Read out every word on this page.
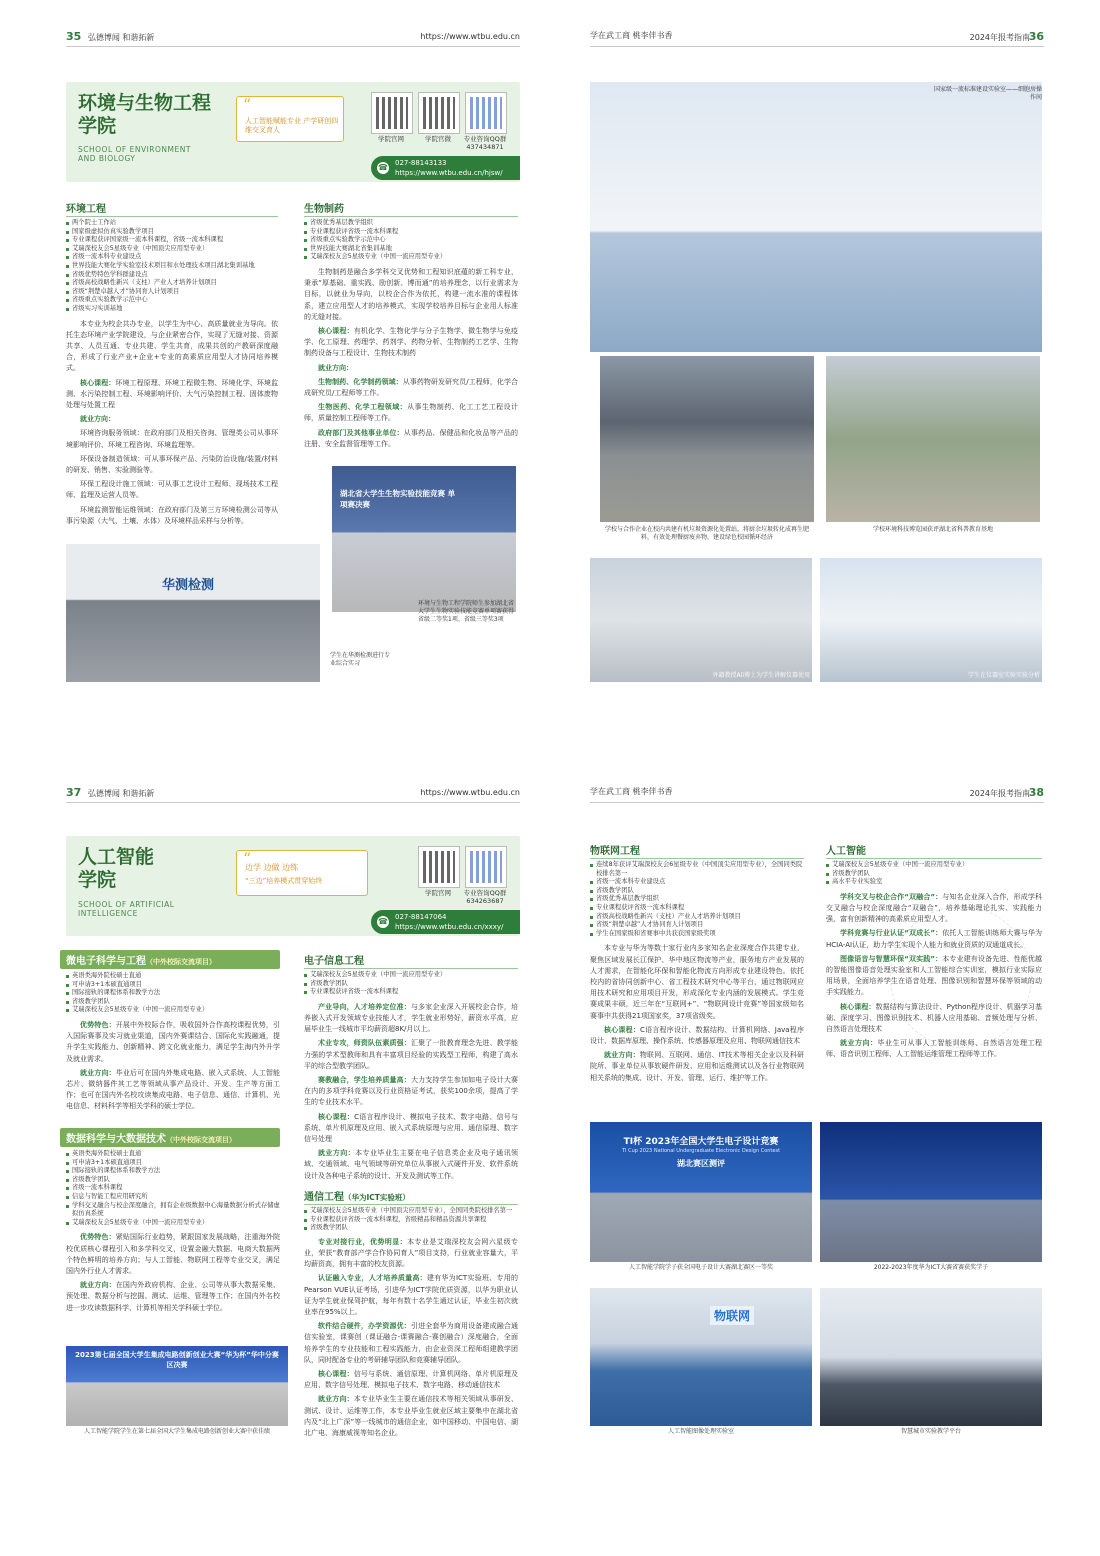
35 弘德博闻 和谐拓新	https://www.wtbu.edu.cn
环境与生物工程学院
SCHOOL OF ENVIRONMENT AND BIOLOGY
“
人工智能赋能专业 产学研创四维交叉育人
学院官网	学院官微	专业咨询QQ群 437434871
☎ 027-88143133
https://www.wtbu.edu.cn/hjsw/
环境工程
两个院士工作站
国家级虚拟仿真实验教学项目
专业课程获评国家级一流本科课程，省级一流本科课程
艾瑞深校友会5星级专业（中国顶尖应用型专业）
省级一流本科专业建设点
世界技能大赛化学实验室技术项目和水处理技术项目湖北集训基地
省级优势特色学科群建设点
省级高校战略性新兴（支柱）产业人才培养计划项目
省级“荆楚卓越人才”协同育人计划项目
省级重点实验教学示范中心
省级实习实训基地

本专业为校企共办专业，以学生为中心、高质量就业为导向。依托生态环境产业学院建设，与企业紧密合作，实现了无缝对接、资源共享、人员互通、专业共建、学生共育，成果共创的产教研深度融合，形成了行业产业+企业+专业的高素质应用型人才协同培养模式。

核心课程：环境工程原理、环境工程微生物、环境化学、环境监测、水污染控制工程、环境影响评价、大气污染控制工程、固体废物处理与处置工程

就业方向：

环境咨询服务领域：在政府部门及相关咨询、管理类公司从事环境影响评价、环境工程咨询、环境监理等。

环保设备制造领域：可从事环保产品、污染防治设施/装置/材料的研发、销售、实验测验等。

环保工程设计施工领域：可从事工艺设计工程师、现场技术工程师、监理及运营人员等。

环境监测智能运维领域：在政府部门及第三方环境检测公司等从事污染源（大气、土壤、水体）及环境样品采样与分析等。

生物制药
省级优秀基层教学组织
专业课程获评省级一流本科课程
省级重点实验教学示范中心
世界技能大赛湖北省集训基地
艾瑞深校友会5星级专业（中国一流应用型专业）

生物制药是融合多学科交叉优势和工程知识底蕴的新工科专业，秉承“厚基础、重实践、励创新、博而通”的培养理念，以行业需求为目标，以就业为导向，以校企合作为依托，构建一流水准的课程体系，建立应用型人才的培养模式，实现学校培养目标与企业用人标准的无缝对接。

核心课程：有机化学、生物化学与分子生物学、微生物学与免疫学、化工原理、药理学、药剂学、药物分析、生物制药工艺学、生物制药设备与工程设计、生物技术制药

就业方向：

生物制药、化学制药领域：从事药物研发研究员/工程师，化学合成研究员/工程师等工作。

生物医药、化学工程领域：从事生物制药、化工工艺工程设计师，质量控制工程师等工作。

政府部门及其他事业单位：从事药品、保健品和化妆品等产品的注册、安全监督管理等工作。

湖北省大学生生物实验技能竞赛 单项赛决赛
环境与生物工程学院师生参加湖北省大学生生物实验技能竞赛单项赛获得省级二等奖1项、省级三等奖3项
华测检测
学生在华测检测进行专业综合实习
学在武工商 桃李伴书香	2024年报考指南
36
国家级一流标准建设实验室——细胞房操作间
学校与合作企业在校内共建有机垃圾资源化处置站，将厨余垃圾转化成再生肥料，有效处理餐厨废弃物，建设绿色校园循环经济
学校环境科技博览园获评湖北省科普教育基地
外籍教授Ali博士为学生讲解仪器使用	学生在仪器室实验实验分析
37 弘德博闻 和谐拓新	https://www.wtbu.edu.cn
人工智能学院
SCHOOL OF ARTIFICIAL INTELLIGENCE
“
边学 边做 边练
“三边”培养模式贯穿始终
学院官网	专业咨询QQ群 634263687
☎ 027-88147064
https://www.wtbu.edu.cn/xxxy/
微电子科学与工程（中外校际交流项目）
英语类海外院校硕士直通
可申请3+1本硕直通项目
国际接轨的课程体系和教学方法
省级教学团队
艾瑞深校友会5星级专业（中国一流应用型专业）

优势特色：开展中外校际合作，吸收国外合作高校课程优势，引入国际赛事及实习就业渠道，国内外赛课结合、国际化实践融通，提升学生实践能力、创新精神、跨文化就业能力，满足学生海内外升学及就业需求。

就业方向：毕业后可在国内外集成电路、嵌入式系统、人工智能芯片、微纳器件其工艺等领域从事产品设计、开发、生产等方面工作；也可在国内外名校攻读集成电路、电子信息、通信、计算机、光电信息、材料科学等相关学科的硕士学位。

数据科学与大数据技术（中外校际交流项目）
英语类海外院校硕士直通
可申请3+1本硕直通项目
国际接轨的课程体系和教学方法
省级教学团队
省级一流本科课程
信息与智能工程应用研究所
学科交叉融合与校企深度融合，拥有企业级数据中心海量数据分析式存储虚拟仿真系统
艾瑞深校友会5星级专业（中国一流应用型专业）

优势特色：紧贴国际行业趋势，紧跟国家发展战略，注重海外院校优质核心课程引入和多学科交叉，设置金融大数据、电商大数据两个特色鲜明的培养方向；与人工智能、物联网工程等专业交叉，满足国内外行业人才需求。

就业方向：在国内外政府机构、企业、公司等从事大数据采集、预处理、数据分析与挖掘、测试、运维、管理等工作；在国内外名校进一步攻读数据科学、计算机等相关学科硕士学位。

2023第七届全国大学生集成电路创新创业大赛“华为杯”华中分赛区决赛
人工智能学院学生在第七届全国大学生集成电路创新创业大赛中获佳绩
电子信息工程
艾瑞深校友会5星级专业（中国一流应用型专业）
省级教学团队
专业课程获评省级一流本科课程

产业导向，人才培养定位准：与多家企业深入开展校企合作，培养嵌入式开发领域专业技能人才，学生就业形势好，薪资水平高，应届毕业生一线城市平均薪资超8K/月以上。

术业专攻，师资队伍素质强：汇聚了一批教育理念先进、教学能力强的学术型教师和具有丰富项目经验的实践型工程师，构建了高水平的综合型教学团队。

赛教融合，学生培养质量高：大力支持学生参加如电子设计大赛在内的多项学科竞赛以及行业资格证考试，获奖100余项，提高了学生的专业技术水平。

核心课程：C语言程序设计、模拟电子技术、数字电路、信号与系统、单片机原理及应用、嵌入式系统原理与应用、通信原理、数字信号处理

就业方向：本专业毕业生主要在电子信息类企业及电子通讯领域、交通领域、电气领域等研究单位从事嵌入式硬件开发、软件系统设计及各种电子系统的设计、开发及测试等工作。

通信工程（华为ICT实验班）
艾瑞深校友会5星级专业（中国顶尖应用型专业），全国同类院校排名第一
专业课程获评省级一流本科课程，省级精品和精品资源共享课程
省级教学团队

专业对接行业，优势明显：本专业是艾瑞深校友会网六星级专业，荣获“教育部产学合作协同育人”项目支持，行业就业容量大，平均薪资高，拥有丰富的校友资源。

认证融入专业，人才培养质量高：建有华为ICT实验班、专用的Pearson VUE认证考场，引进华为ICT学院优质资源，以华为职业认证为学生就业保驾护航，每年有数十名学生通过认证，毕业生初次就业率在95%以上。

软件结合硬件，办学资源优：引进全套华为商用设备建成融合通信实验室，课赛创（课证融合-课赛融合-赛创融合）深度融合，全面培养学生的专业技能和工程实践能力，由企业资深工程师组建教学团队，同时配备专业的考研辅导团队和竞赛辅导团队。

核心课程：信号与系统、通信原理、计算机网络、单片机原理及应用、数字信号处理、模拟电子技术、数字电路、移动通信技术

就业方向：本专业毕业生主要在通信技术等相关领域从事研发、测试、设计、运维等工作，本专业毕业生就业区域主要集中在湖北省内及“北上广深”等一线城市的通信企业，如中国移动、中国电信、湖北广电、海康威视等知名企业。

学在武工商 桃李伴书香	2024年报考指南
38
物联网工程
连续8年获评艾瑞深校友会6星级专业（中国顶尖应用型专业），全国同类院校排名第一
省级一流本科专业建设点
省级教学团队
省级优秀基层教学组织
专业课程获评省级一流本科课程
省级高校战略性新兴（支柱）产业人才培养计划项目
省级“荆楚卓越”人才协同育人计划项目
学生在国家级和省赛事中共获获国家级奖项

本专业与华为等数十家行业内多家知名企业深度合作共建专业，聚焦区域发展长江保护、华中地区物流等产业，服务地方产业发展的人才需求，在智能化环保和智能化物流方向形成专业建设特色。依托校内的省协同创新中心、省工程技术研究中心等平台，通过物联网应用技术研究和应用项目开发，形成深化专业内涵的发展模式。学生竞赛成果丰硕，近三年在“互联网+”、“物联网设计竞赛”等国家级知名赛事中共获得21项国家奖，37项省级奖。

核心课程：C语言程序设计、数据结构、计算机网络、Java程序设计、数据库原理、操作系统、传感器原理及应用、物联网通信技术

就业方向：物联网、互联网、通信、IT技术等相关企业以及科研院所、事业单位从事软硬件研发、应用和运维测试以及各行业物联网相关系统的集成、设计、开发、管理、运行、维护等工作。

人工智能
艾瑞深校友会5星级专业（中国一流应用型专业）
省级教学团队
高水平专业实验室

学科交叉与校企合作“双融合”：与知名企业深入合作，形成学科交叉融合与校企深度融合“双融合”，培养基础理论扎实、实践能力强，富有创新精神的高素质应用型人才。

学科竞赛与行业认证“双成长”：依托人工智能训练师大赛与华为HCIA-AI认证，助力学生实现个人能力和就业资质的双通道成长。

图像语音与智慧环保“双实践”：本专业建有设备先进、性能优越的智能图像语音处理实验室和人工智能综合实训室，模拟行业实际应用场景，全面培养学生在语音处理、图像识别和智慧环保等领域的动手实践能力。

核心课程：数据结构与算法设计、Python程序设计、机器学习基础、深度学习、图像识别技术、机器人应用基础、音频处理与分析、自然语言处理技术

就业方向：毕业生可从事人工智能训练师、自然语言处理工程师、语音识别工程师、人工智能运维管理工程师等工作。

TI杯 2023年全国大学生电子设计竞赛
TI Cup 2023 National Undergraduate Electronic Design Contest
湖北赛区测评
人工智能学院学子获全国电子设计大赛湖北赛区一等奖	2022-2023年度华为ICT大赛省赛获奖学子
物联网
人工智能图像处理实验室	智慧城市实验教学平台
